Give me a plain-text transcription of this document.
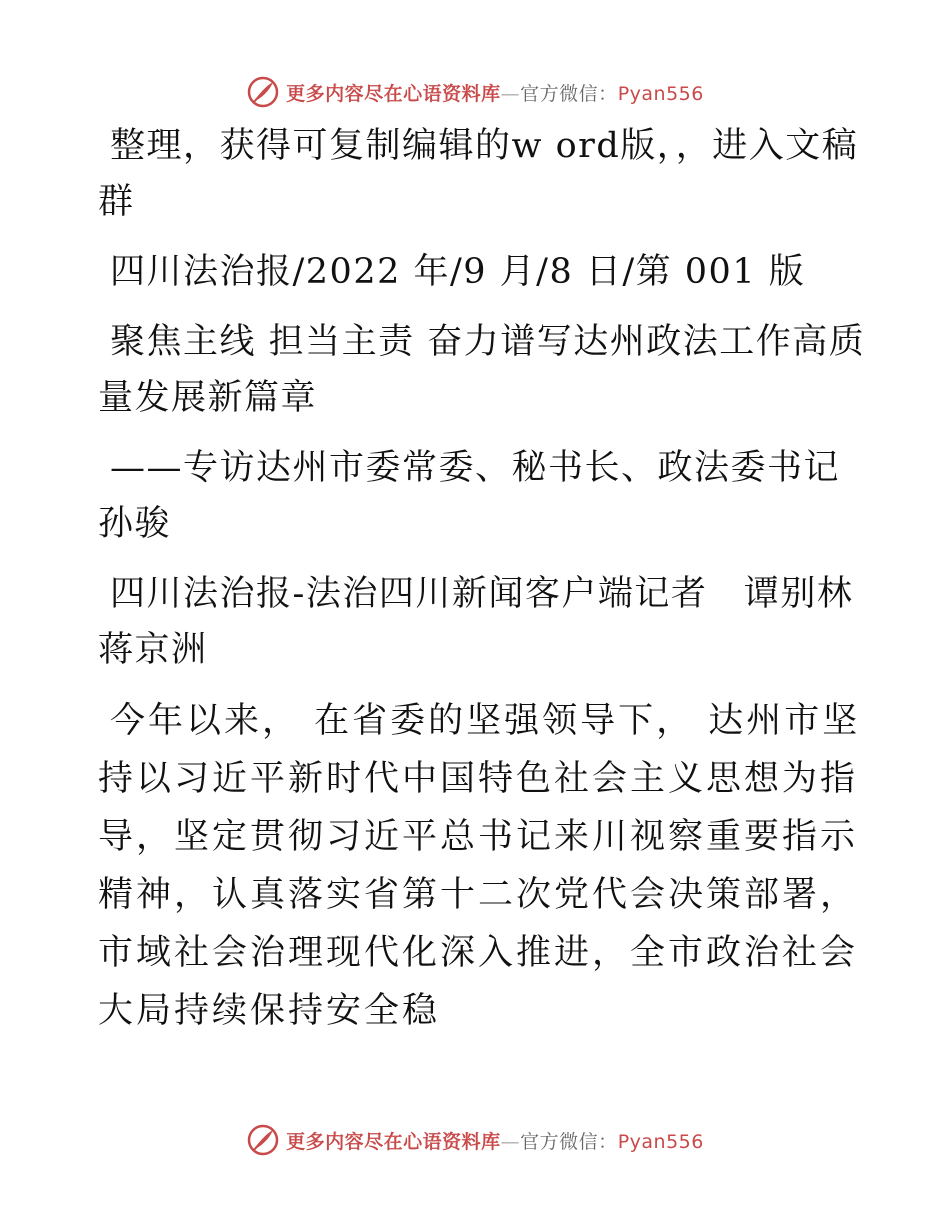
更多内容尽在心语资料库—官方微信：Pyan556

整理，获得可复制编辑的w ord版，，进入文稿群

四川法治报/2022 年/9 月/8 日/第 001 版

聚焦主线 担当主责 奋力谱写达州政法工作高质量发展新篇章

——专访达州市委常委、秘书长、政法委书记孙骏

四川法治报-法治四川新闻客户端记者　谭别林蒋京洲

今年以来， 在省委的坚强领导下， 达州市坚持以习近平新时代中国特色社会主义思想为指导，坚定贯彻习近平总书记来川视察重要指示精神，认真落实省第十二次党代会决策部署，市域社会治理现代化深入推进，全市政治社会大局持续保持安全稳

更多内容尽在心语资料库—官方微信：Pyan556
